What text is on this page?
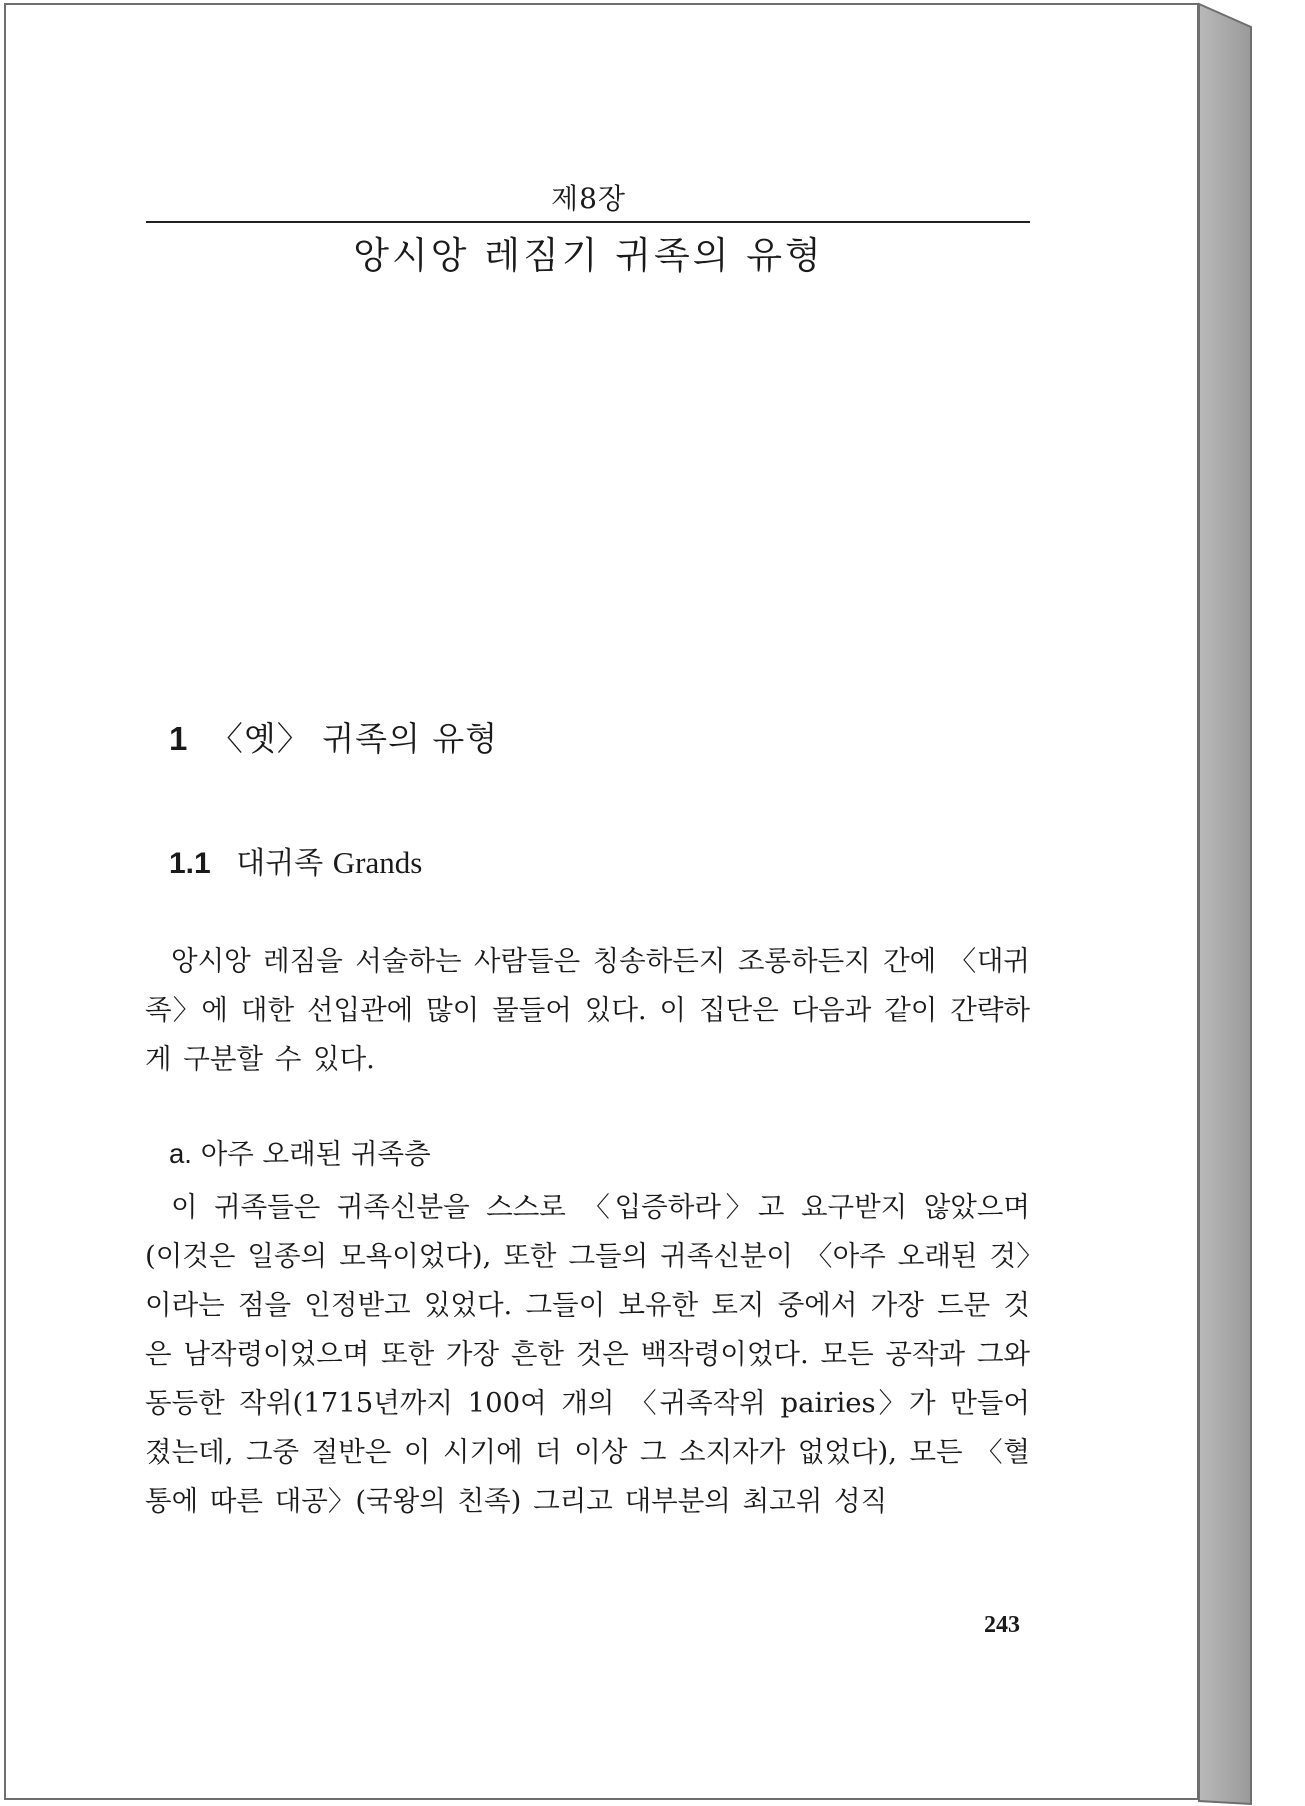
제8장
앙시앙 레짐기 귀족의 유형
1 〈옛〉 귀족의 유형
1.1 대귀족 Grands

앙시앙 레짐을 서술하는 사람들은 칭송하든지 조롱하든지 간에 〈대귀족〉에 대한 선입관에 많이 물들어 있다. 이 집단은 다음과 같이 간략하게 구분할 수 있다.

a. 아주 오래된 귀족층

이 귀족들은 귀족신분을 스스로 〈입증하라〉고 요구받지 않았으며 (이것은 일종의 모욕이었다), 또한 그들의 귀족신분이 〈아주 오래된 것〉이라는 점을 인정받고 있었다. 그들이 보유한 토지 중에서 가장 드문 것은 남작령이었으며 또한 가장 흔한 것은 백작령이었다. 모든 공작과 그와 동등한 작위(1715년까지 100여 개의 〈귀족작위 pairies〉가 만들어졌는데, 그중 절반은 이 시기에 더 이상 그 소지자가 없었다), 모든 〈혈통에 따른 대공〉(국왕의 친족) 그리고 대부분의 최고위 성직

243
